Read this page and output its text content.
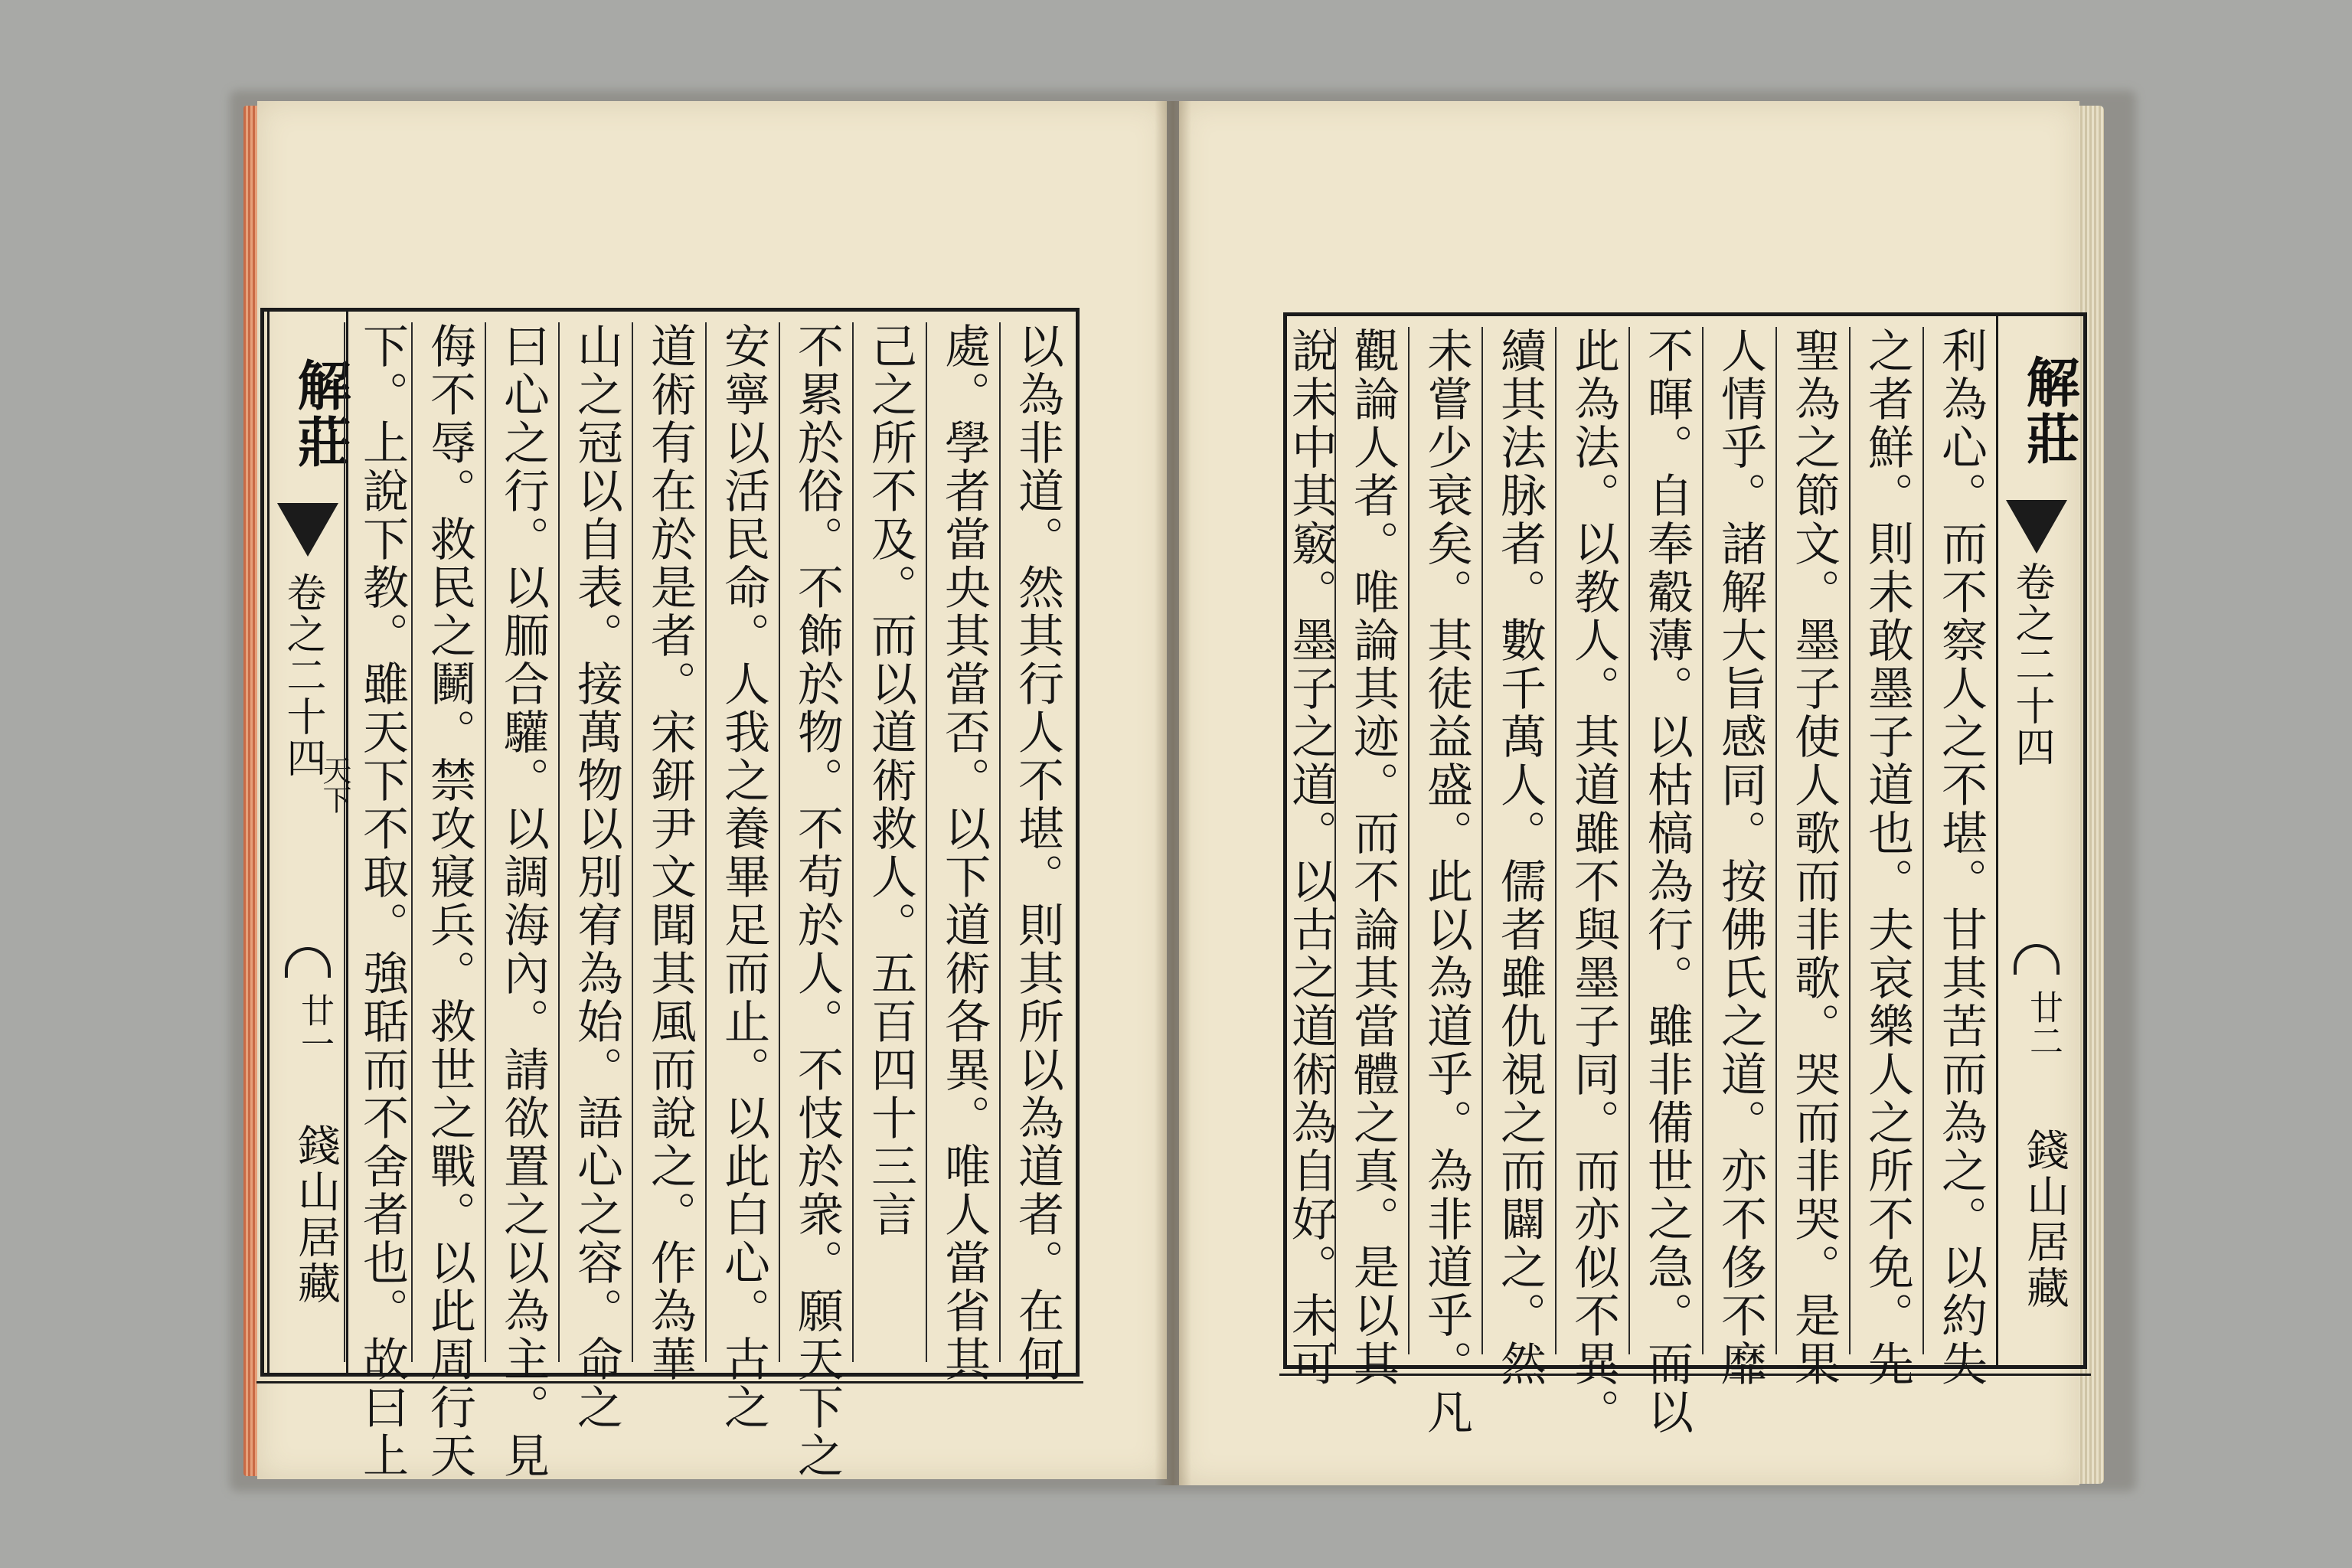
解莊
卷之二十四
天下
廿一
錢山居藏	以為非道。然其行人不堪。則其所以為道者。在何
處。學者當央其當否。以下道術各異。唯人當省其
己之所不及。而以道術救人。五百四十三言
不累於俗。不飾於物。不苟於人。不忮於衆。願天下之
安寧以活民命。人我之養畢足而止。以此白心。古之
道術有在於是者。宋鈃尹文聞其風而說之。作為華
山之冠以自表。接萬物以別宥為始。語心之容。命之
曰心之行。以胹合驩。以調海內。請欲置之以為主。見
侮不辱。救民之鬭。禁攻寢兵。救世之戰。以此周行天
下。上說下教。雖天下不取。強聒而不舍者也。故曰上	利為心。而不察人之不堪。甘其苦而為之。以約失
之者鮮。則未敢墨子道也。夫哀樂人之所不免。先
聖為之節文。墨子使人歌而非歌。哭而非哭。是果
人情乎。諸解大旨感同。按佛氏之道。亦不侈不靡
不暉。自奉觳薄。以枯槁為行。雖非備世之急。而以
此為法。以教人。其道雖不與墨子同。而亦似不異。
續其法脉者。數千萬人。儒者雖仇視之而闢之。然
未嘗少衰矣。其徒益盛。此以為道乎。為非道乎。凡
觀論人者。唯論其迹。而不論其當體之真。是以其
說未中其竅。墨子之道。以古之道術為自好。未可	解莊
卷之二十四
廿二
錢山居藏
